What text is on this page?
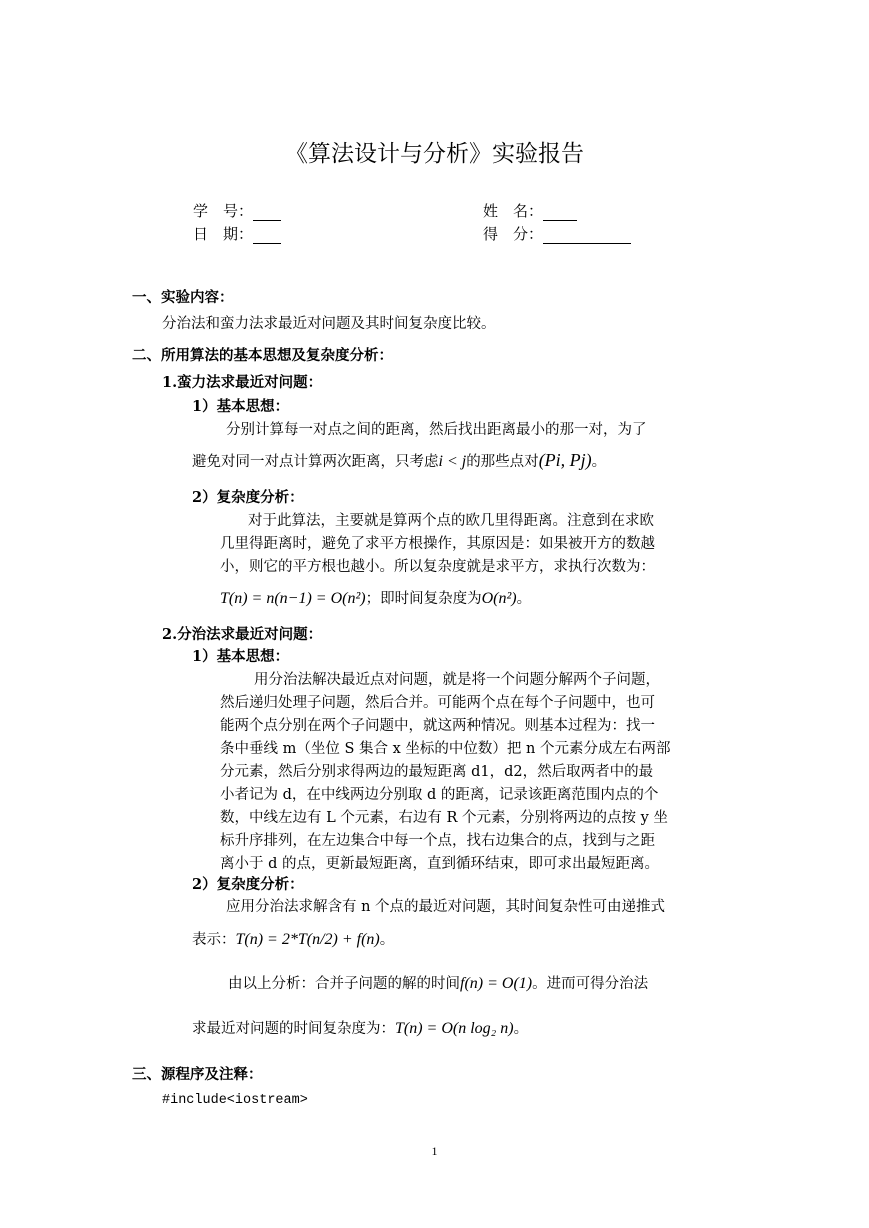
《算法设计与分析》实验报告
学　号：	姓　名：
日　期：	得　分：
一、实验内容：
分治法和蛮力法求最近对问题及其时间复杂度比较。
二、所用算法的基本思想及复杂度分析：
1.蛮力法求最近对问题：
1）基本思想：
分别计算每一对点之间的距离，然后找出距离最小的那一对，为了
避免对同一对点计算两次距离，只考虑i < j的那些点对(Pi, Pj)。
2）复杂度分析：
对于此算法，主要就是算两个点的欧几里得距离。注意到在求欧
几里得距离时，避免了求平方根操作，其原因是：如果被开方的数越
小，则它的平方根也越小。所以复杂度就是求平方，求执行次数为：
T(n) = n(n−1) = O(n²)；即时间复杂度为O(n²)。
2.分治法求最近对问题：
1）基本思想：
用分治法解决最近点对问题，就是将一个问题分解两个子问题，
然后递归处理子问题，然后合并。可能两个点在每个子问题中，也可
能两个点分别在两个子问题中，就这两种情况。则基本过程为：找一
条中垂线 m（坐位 S 集合 x 坐标的中位数）把 n 个元素分成左右两部
分元素，然后分别求得两边的最短距离 d1，d2，然后取两者中的最
小者记为 d，在中线两边分别取 d 的距离，记录该距离范围内点的个
数，中线左边有 L 个元素，右边有 R 个元素，分别将两边的点按 y 坐
标升序排列，在左边集合中每一个点，找右边集合的点，找到与之距
离小于 d 的点，更新最短距离，直到循环结束，即可求出最短距离。
2）复杂度分析：
应用分治法求解含有 n 个点的最近对问题，其时间复杂性可由递推式
表示：T(n) = 2*T(n/2) + f(n)。
由以上分析：合并子问题的解的时间f(n) = O(1)。进而可得分治法
求最近对问题的时间复杂度为：T(n) = O(n log₂ n)。
三、源程序及注释：
#include<iostream>
1
